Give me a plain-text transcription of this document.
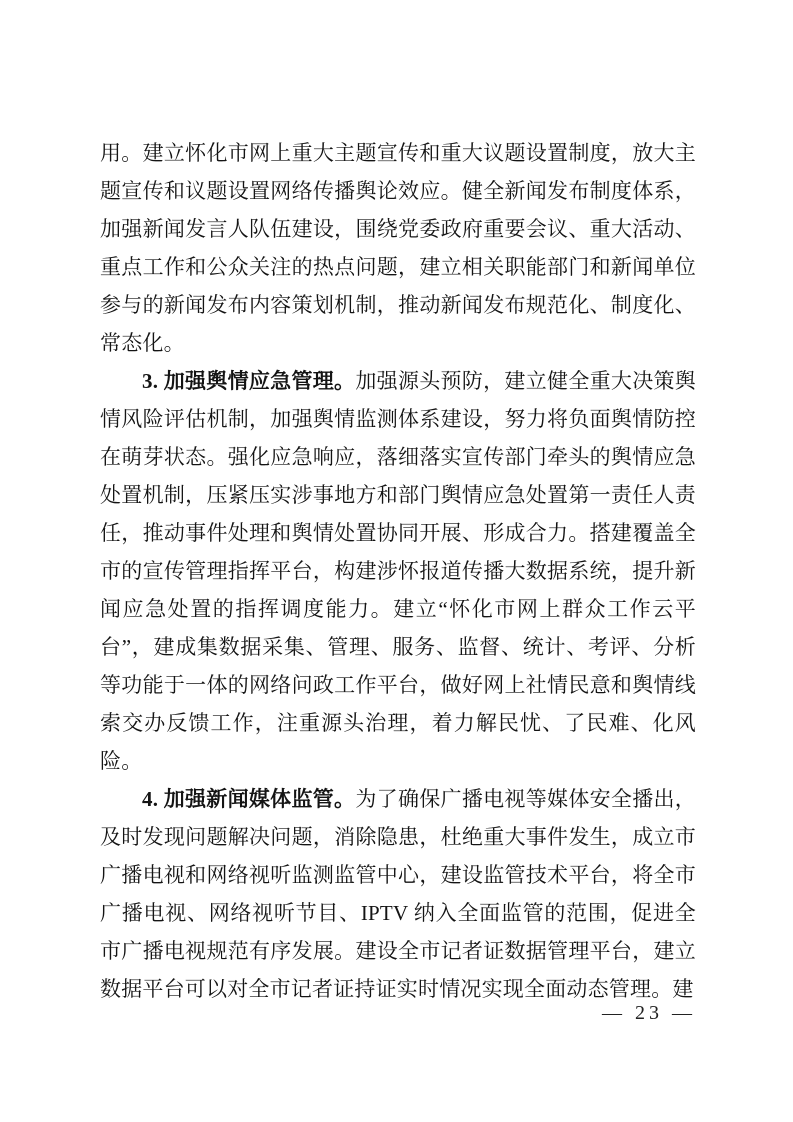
用。建立怀化市网上重大主题宣传和重大议题设置制度，放大主题宣传和议题设置网络传播舆论效应。健全新闻发布制度体系，加强新闻发言人队伍建设，围绕党委政府重要会议、重大活动、重点工作和公众关注的热点问题，建立相关职能部门和新闻单位参与的新闻发布内容策划机制，推动新闻发布规范化、制度化、常态化。

3. 加强舆情应急管理。加强源头预防，建立健全重大决策舆情风险评估机制，加强舆情监测体系建设，努力将负面舆情防控在萌芽状态。强化应急响应，落细落实宣传部门牵头的舆情应急处置机制，压紧压实涉事地方和部门舆情应急处置第一责任人责任，推动事件处理和舆情处置协同开展、形成合力。搭建覆盖全市的宣传管理指挥平台，构建涉怀报道传播大数据系统，提升新闻应急处置的指挥调度能力。建立“怀化市网上群众工作云平台”，建成集数据采集、管理、服务、监督、统计、考评、分析等功能于一体的网络问政工作平台，做好网上社情民意和舆情线索交办反馈工作，注重源头治理，着力解民忧、了民难、化风险。

4. 加强新闻媒体监管。为了确保广播电视等媒体安全播出，及时发现问题解决问题，消除隐患，杜绝重大事件发生，成立市广播电视和网络视听监测监管中心，建设监管技术平台，将全市广播电视、网络视听节目、IPTV 纳入全面监管的范围，促进全市广播电视规范有序发展。建设全市记者证数据管理平台，建立数据平台可以对全市记者证持证实时情况实现全面动态管理。建

— 23 —
